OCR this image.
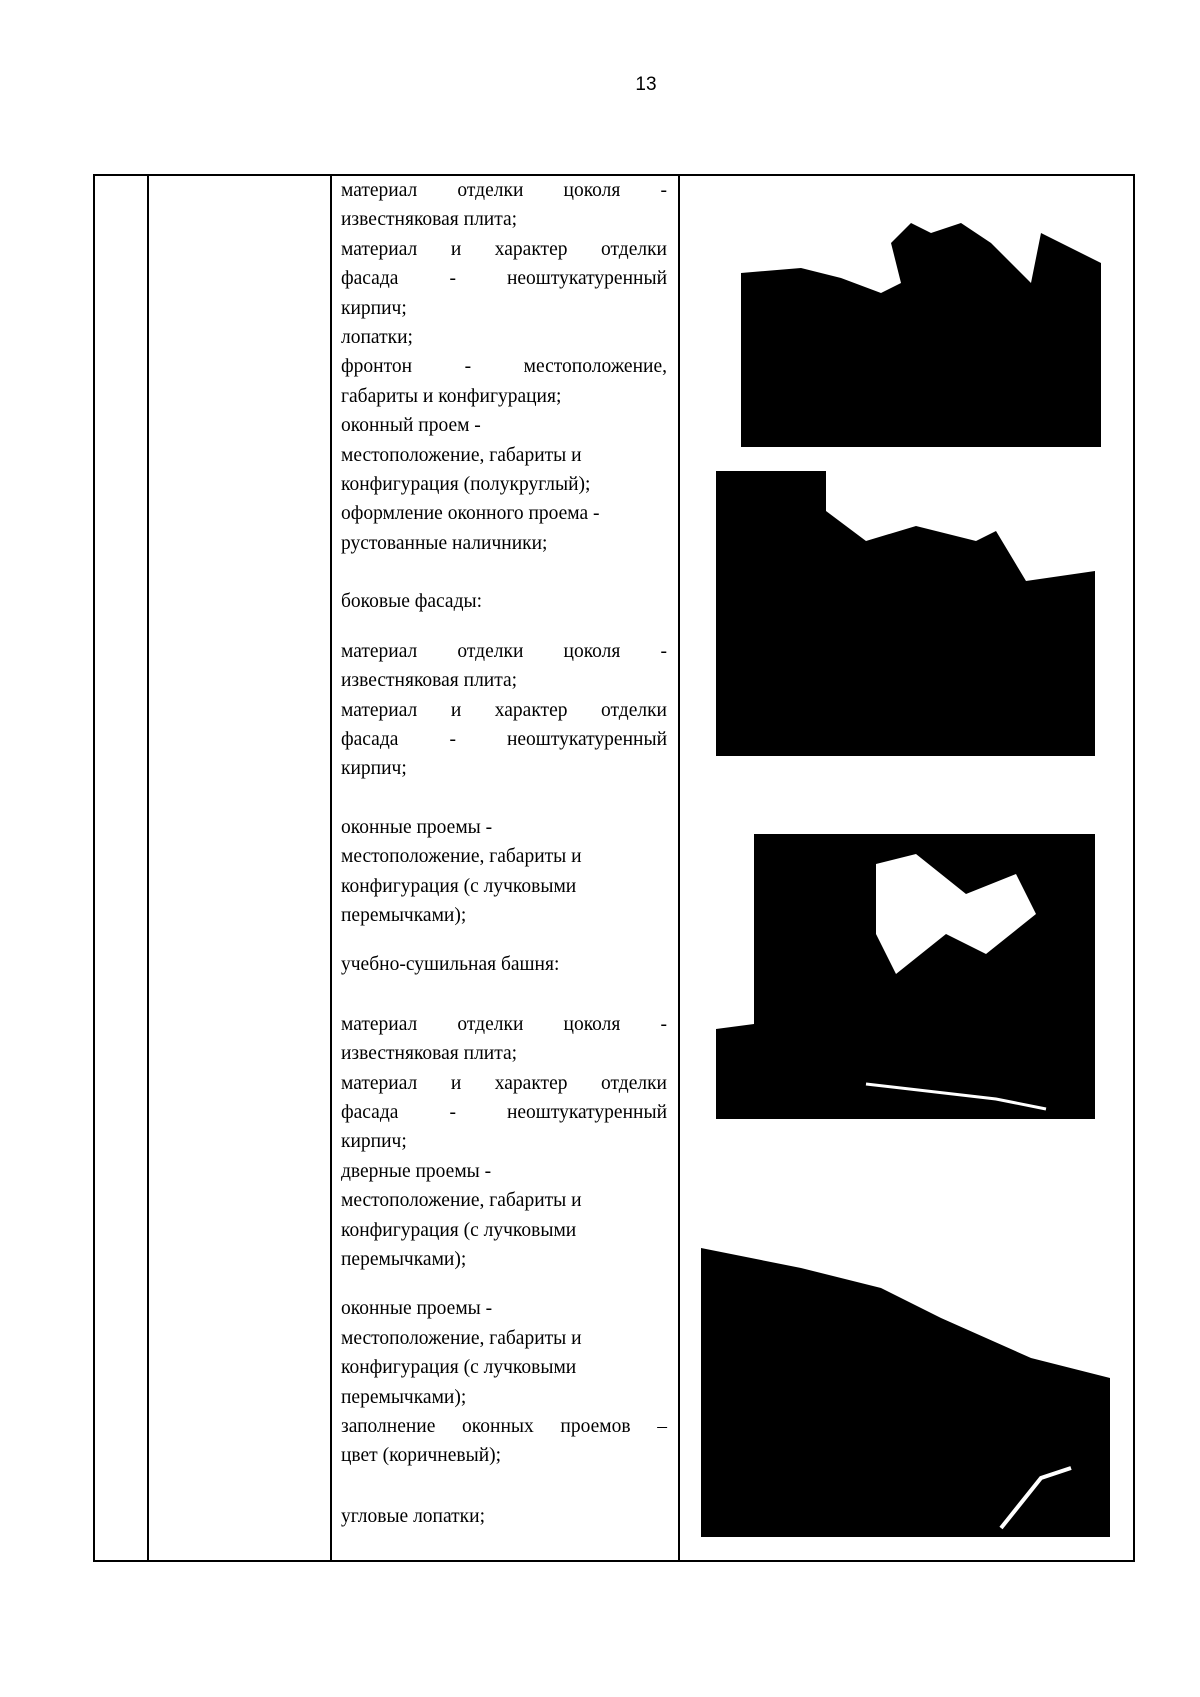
13
материал отделки цоколя -
известняковая плита;
материал и характер отделки
фасада - неоштукатуренный
кирпич;
лопатки;
фронтон - местоположение,
габариты и конфигурация;
оконный проем -
местоположение, габариты и
конфигурация (полукруглый);
оформление оконного проема -
рустованные наличники;
боковые фасады:
материал отделки цоколя -
известняковая плита;
материал и характер отделки
фасада - неоштукатуренный
кирпич;
оконные проемы -
местоположение, габариты и
конфигурация (с лучковыми
перемычками);
учебно-сушильная башня:
материал отделки цоколя -
известняковая плита;
материал и характер отделки
фасада - неоштукатуренный
кирпич;
дверные проемы -
местоположение, габариты и
конфигурация (с лучковыми
перемычками);
оконные проемы -
местоположение, габариты и
конфигурация (с лучковыми
перемычками);
заполнение оконных проемов –
цвет (коричневый);
угловые лопатки;
